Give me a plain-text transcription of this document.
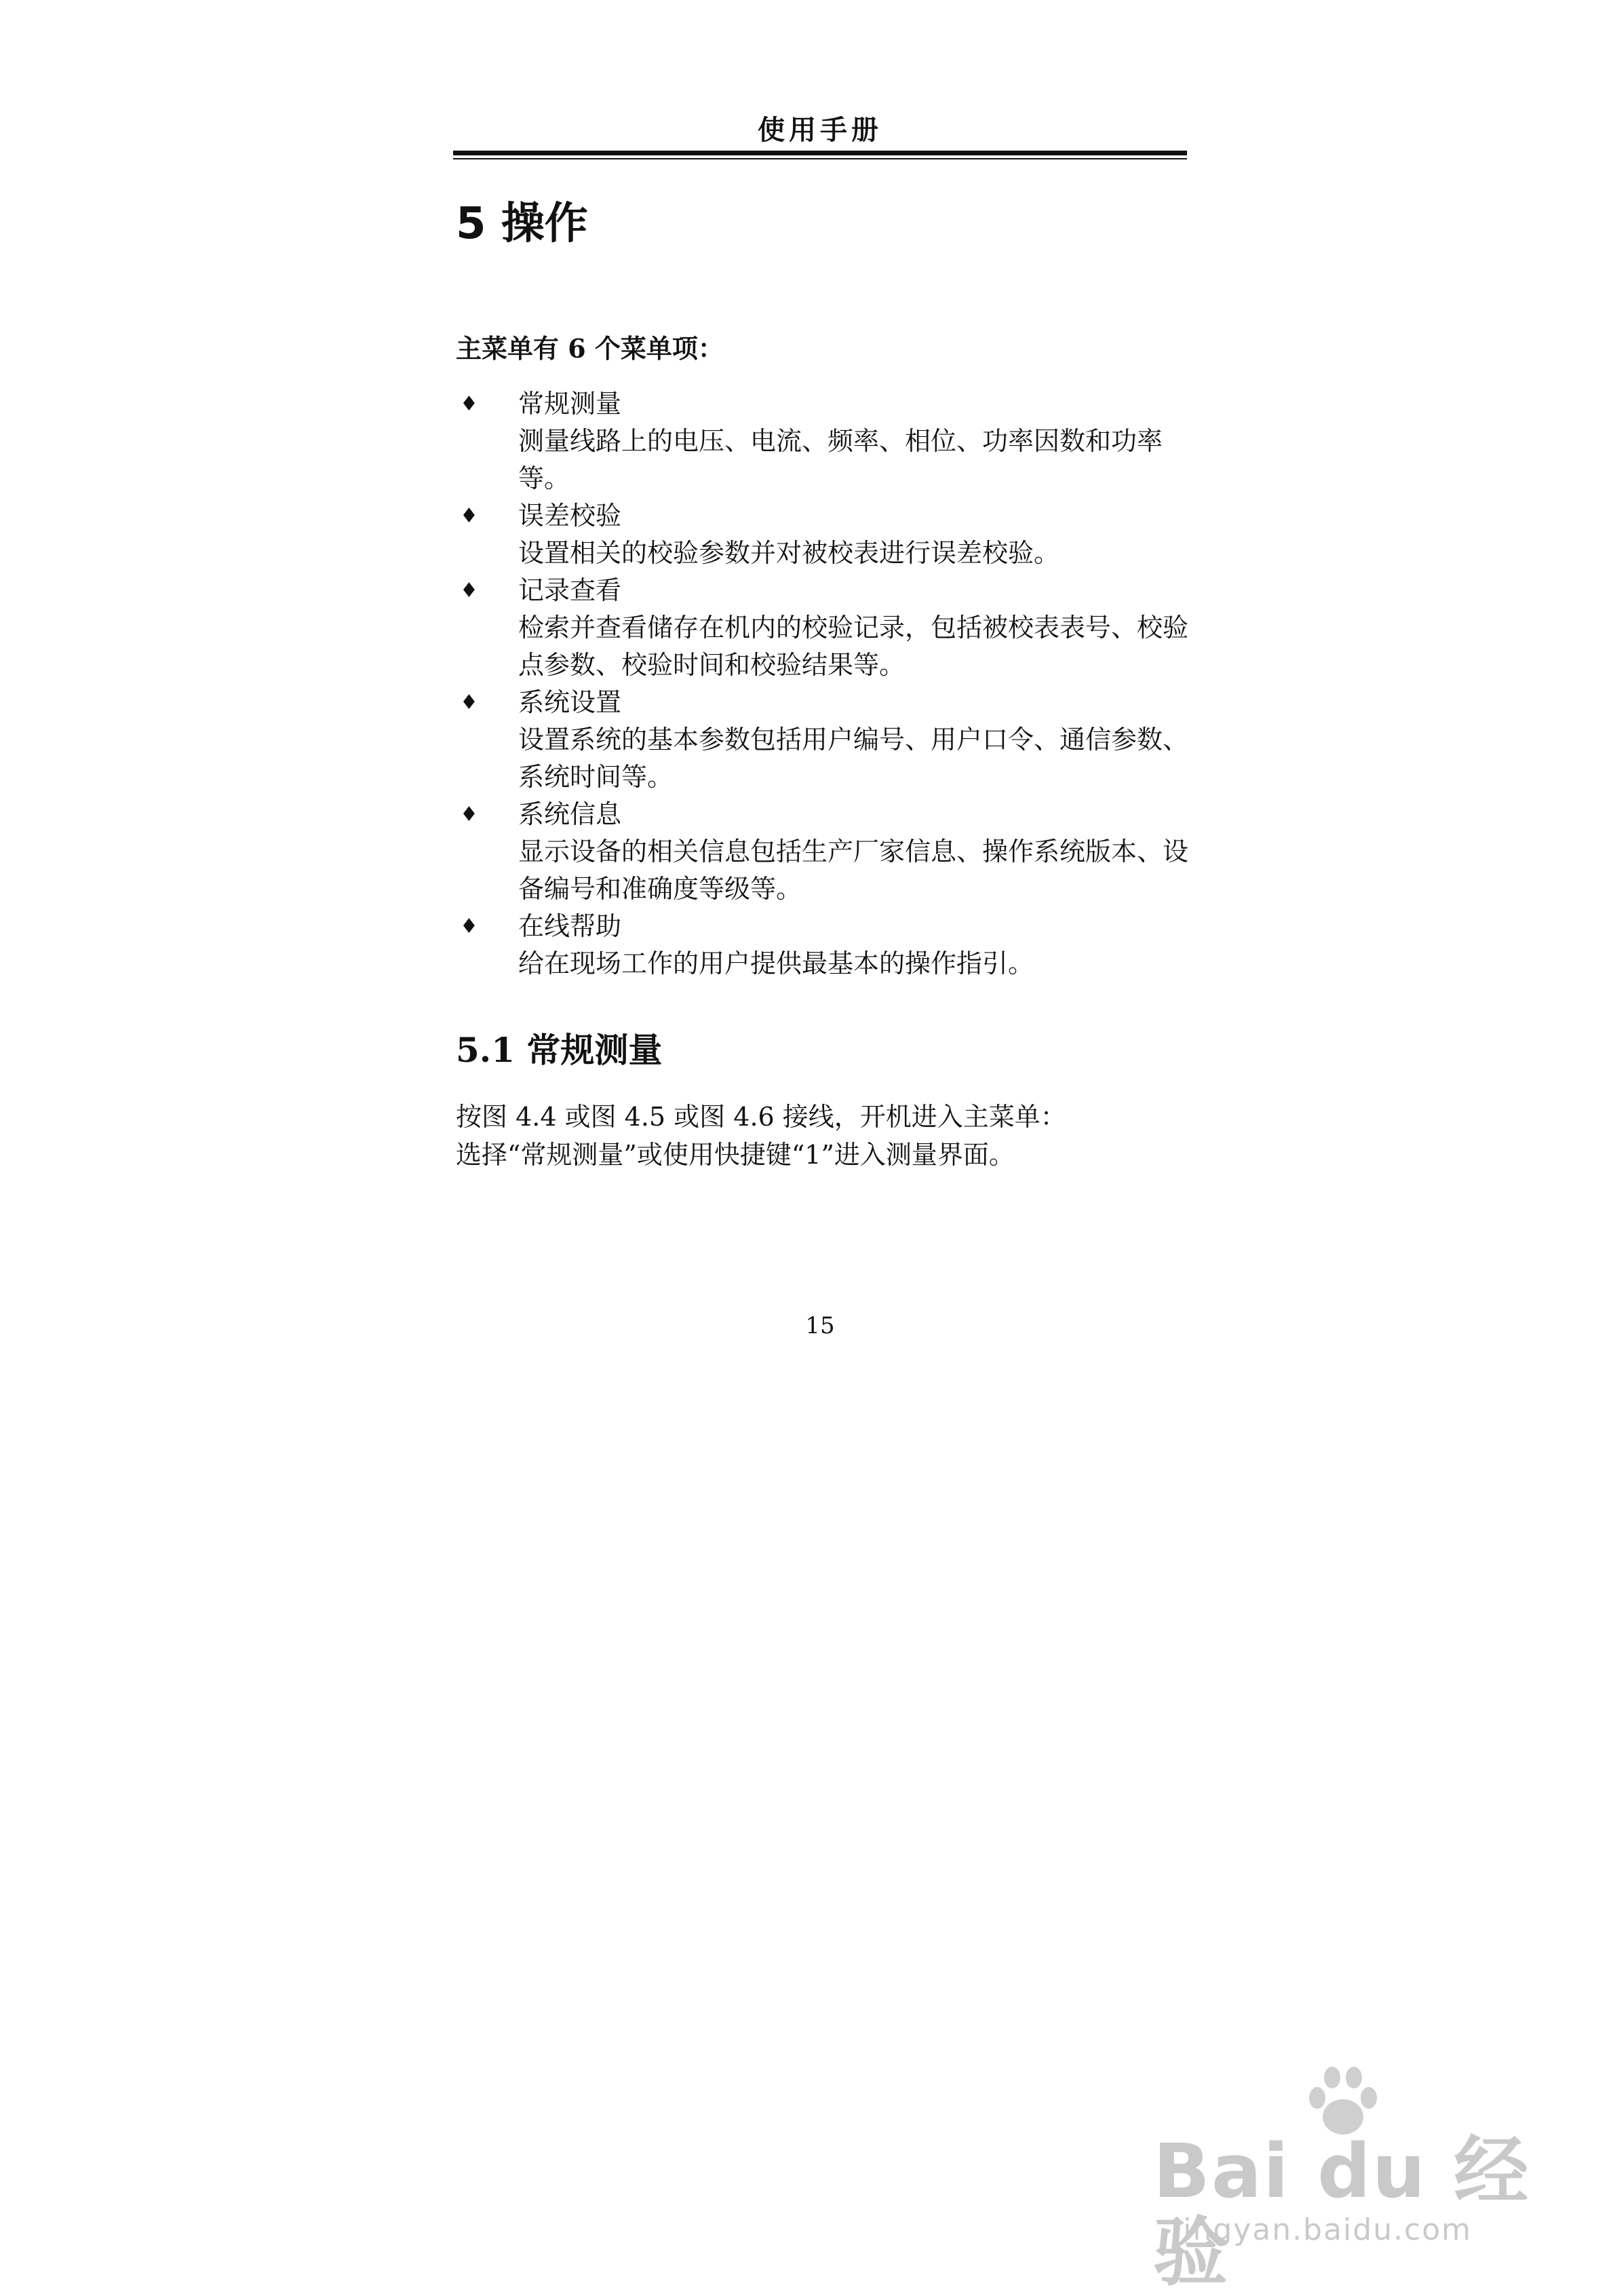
使用手册
5 操作
主菜单有 6 个菜单项：
♦ 常规测量
测量线路上的电压、电流、频率、相位、功率因数和功率等。
♦ 误差校验
设置相关的校验参数并对被校表进行误差校验。
♦ 记录查看
检索并查看储存在机内的校验记录，包括被校表表号、校验点参数、校验时间和校验结果等。
♦ 系统设置
设置系统的基本参数包括用户编号、用户口令、通信参数、系统时间等。
♦ 系统信息
显示设备的相关信息包括生产厂家信息、操作系统版本、设备编号和准确度等级等。
♦ 在线帮助
给在现场工作的用户提供最基本的操作指引。
5.1 常规测量
按图 4.4 或图 4.5 或图 4.6 接线，开机进入主菜单：
选择“常规测量”或使用快捷键“1”进入测量界面。
15
Bai du 经验
jingyan.baidu.com
